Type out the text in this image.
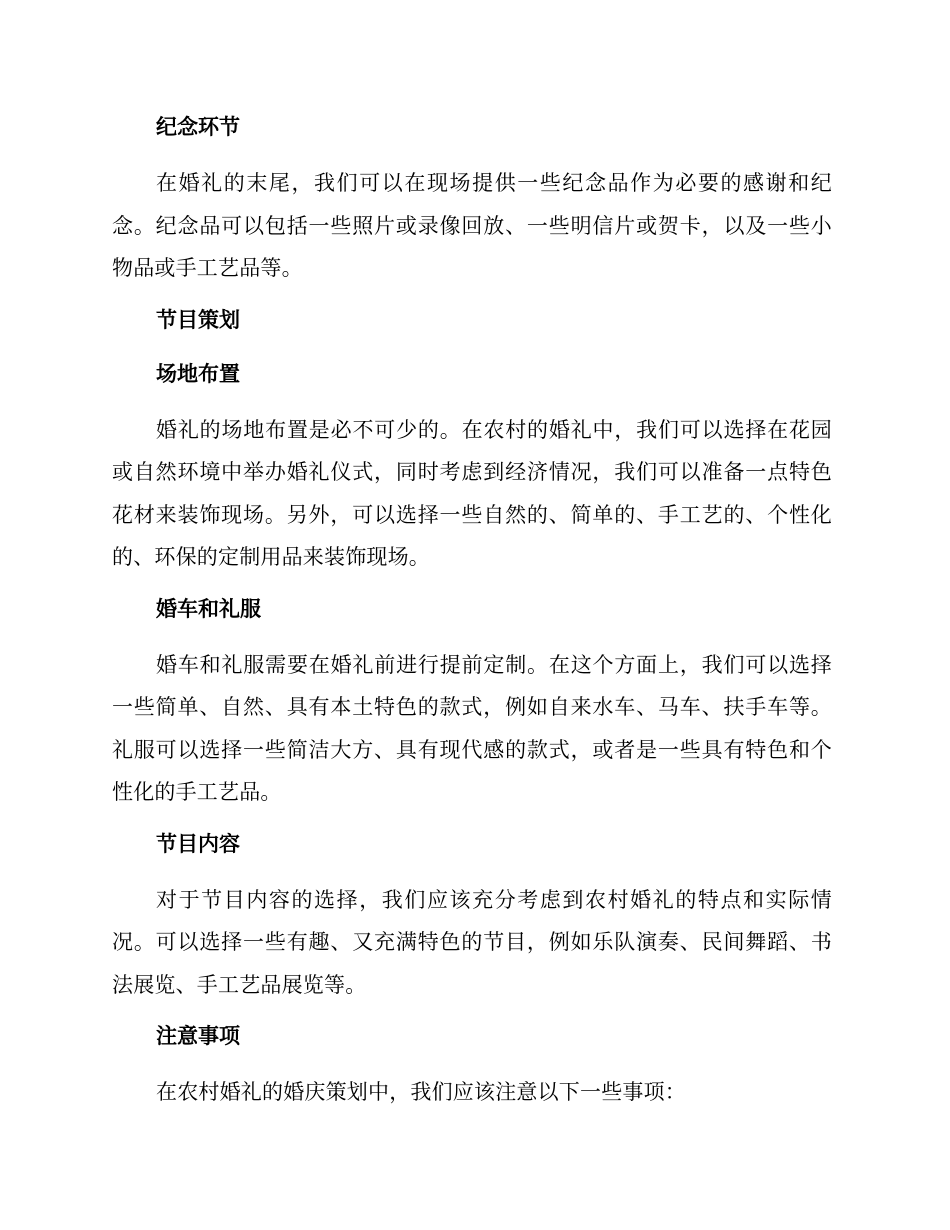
纪念环节

在婚礼的末尾，我们可以在现场提供一些纪念品作为必要的感谢和纪念。纪念品可以包括一些照片或录像回放、一些明信片或贺卡，以及一些小物品或手工艺品等。

节目策划
场地布置

婚礼的场地布置是必不可少的。在农村的婚礼中，我们可以选择在花园或自然环境中举办婚礼仪式，同时考虑到经济情况，我们可以准备一点特色花材来装饰现场。另外，可以选择一些自然的、简单的、手工艺的、个性化的、环保的定制用品来装饰现场。

婚车和礼服

婚车和礼服需要在婚礼前进行提前定制。在这个方面上，我们可以选择一些简单、自然、具有本土特色的款式，例如自来水车、马车、扶手车等。礼服可以选择一些简洁大方、具有现代感的款式，或者是一些具有特色和个性化的手工艺品。

节目内容

对于节目内容的选择，我们应该充分考虑到农村婚礼的特点和实际情况。可以选择一些有趣、又充满特色的节目，例如乐队演奏、民间舞蹈、书法展览、手工艺品展览等。

注意事项

在农村婚礼的婚庆策划中，我们应该注意以下一些事项：
